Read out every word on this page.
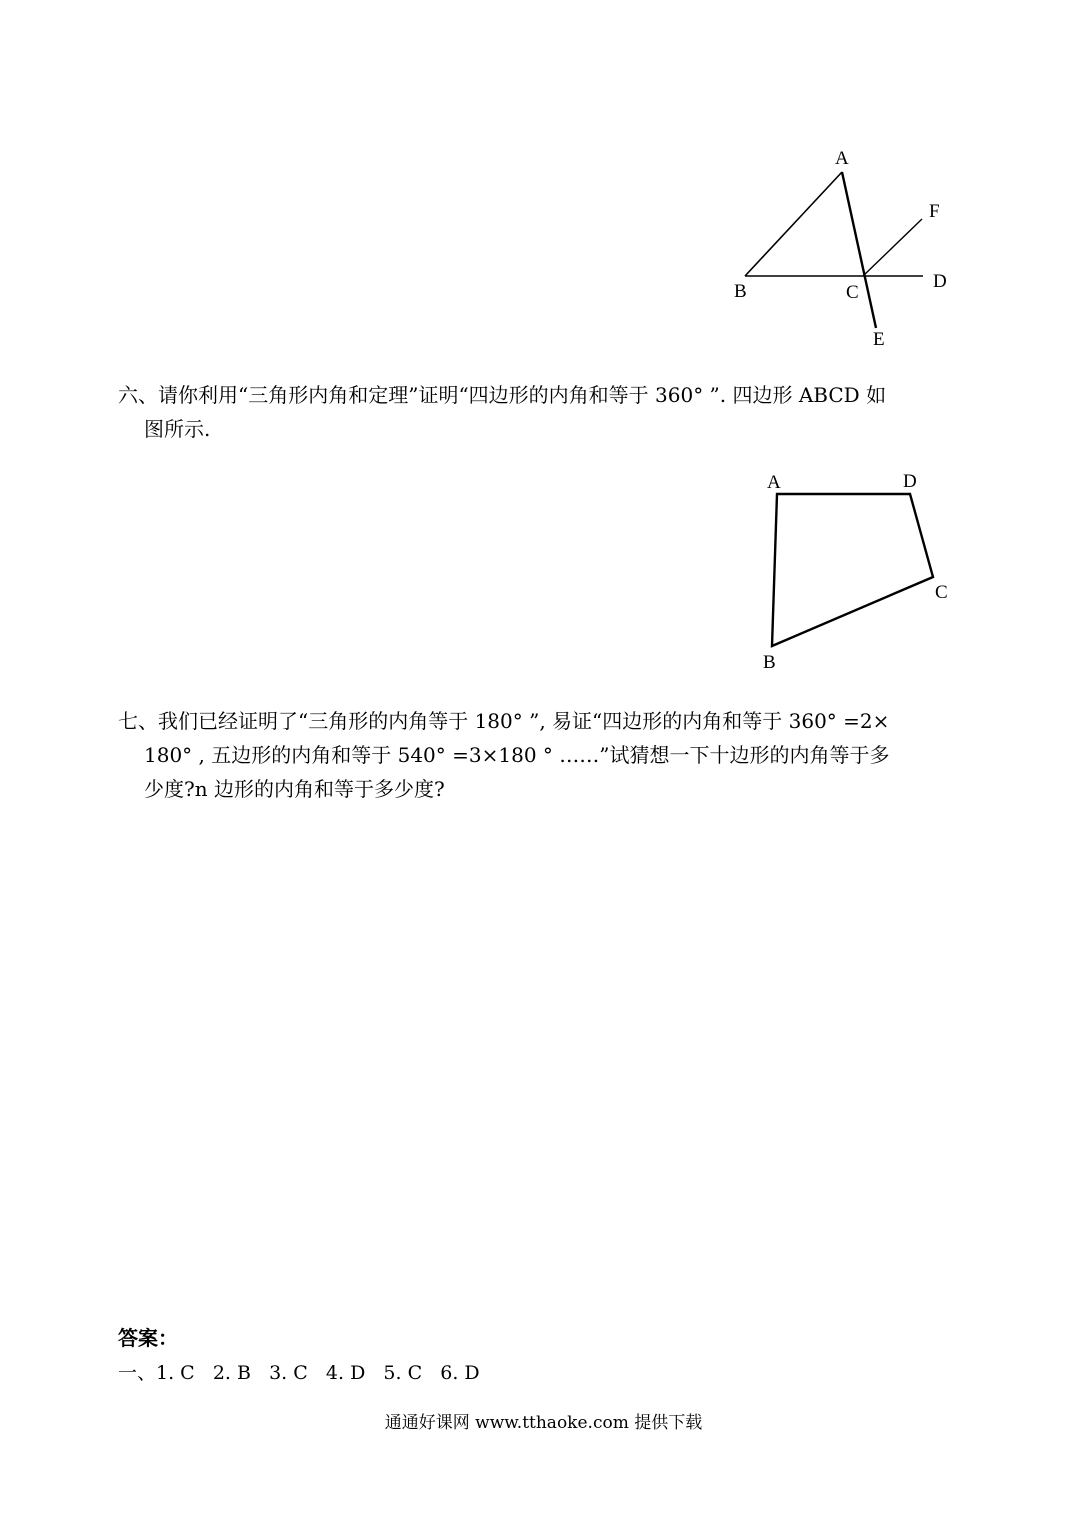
A
B	C
D
E
F
六、请你利用“三角形内角和定理”证明“四边形的内角和等于 360° ”. 四边形 ABCD 如

图所示.
A	D
C
B
七、我们已经证明了“三角形的内角等于 180° ”, 易证“四边形的内角和等于 360° =2×

180° , 五边形的内角和等于 540° =3×180 ° ……”试猜想一下十边形的内角等于多
少度?n 边形的内角和等于多少度?
答案：
一、1. C   2. B   3. C   4. D   5. C   6. D
通通好课网 www.tthaoke.com 提供下载
